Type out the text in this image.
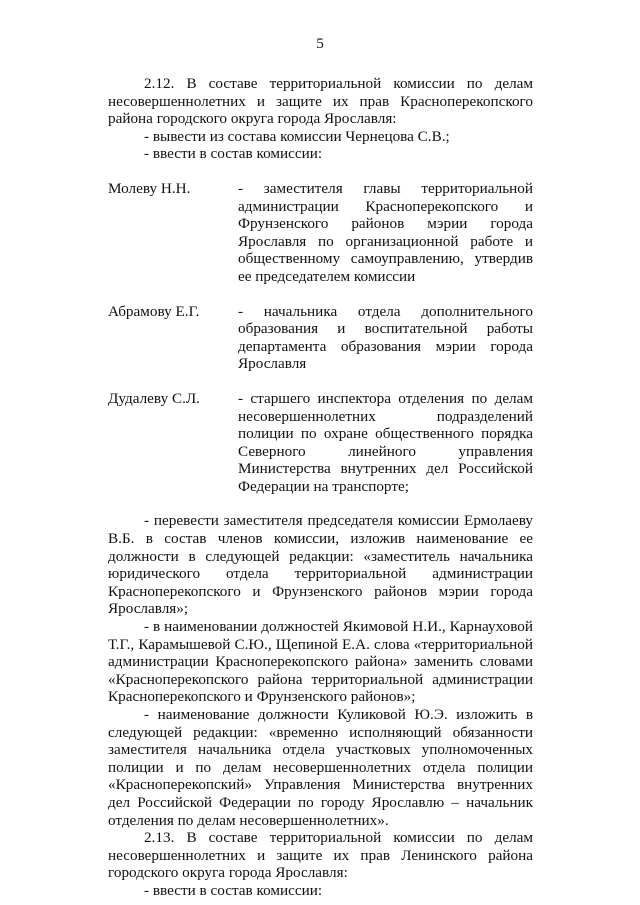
5

2.12. В составе территориальной комиссии по делам несовершеннолетних и защите их прав Красноперекопского района городского округа города Ярославля:

- вывести из состава комиссии Чернецова С.В.;

- ввести в состав комиссии:

Молеву Н.Н.	- заместителя главы территориальной администрации Красноперекопского и Фрунзенского районов мэрии города Ярославля по организационной работе и общественному самоуправлению, утвердив ее председателем комиссии
Абрамову Е.Г.	- начальника отдела дополнительного образования и воспитательной работы департамента образования мэрии города Ярославля
Дудалеву С.Л.	- старшего инспектора отделения по делам несовершеннолетних подразделений полиции по охране общественного порядка Северного линейного управления Министерства внутренних дел Российской Федерации на транспорте;

- перевести заместителя председателя комиссии Ермолаеву В.Б. в состав членов комиссии, изложив наименование ее должности в следующей редакции: «заместитель начальника юридического отдела территориальной администрации Красноперекопского и Фрунзенского районов мэрии города Ярославля»;

- в наименовании должностей Якимовой Н.И., Карнауховой Т.Г., Карамышевой С.Ю., Щепиной Е.А. слова «территориальной администрации Красноперекопского района» заменить словами «Красноперекопского района территориальной администрации Красноперекопского и Фрунзенского районов»;

- наименование должности Куликовой Ю.Э. изложить в следующей редакции: «временно исполняющий обязанности заместителя начальника отдела участковых уполномоченных полиции и по делам несовершеннолетних отдела полиции «Красноперекопский» Управления Министерства внутренних дел Российской Федерации по городу Ярославлю – начальник отделения по делам несовершеннолетних».

2.13. В составе территориальной комиссии по делам несовершеннолетних и защите их прав Ленинского района городского округа города Ярославля:

- ввести в состав комиссии:
